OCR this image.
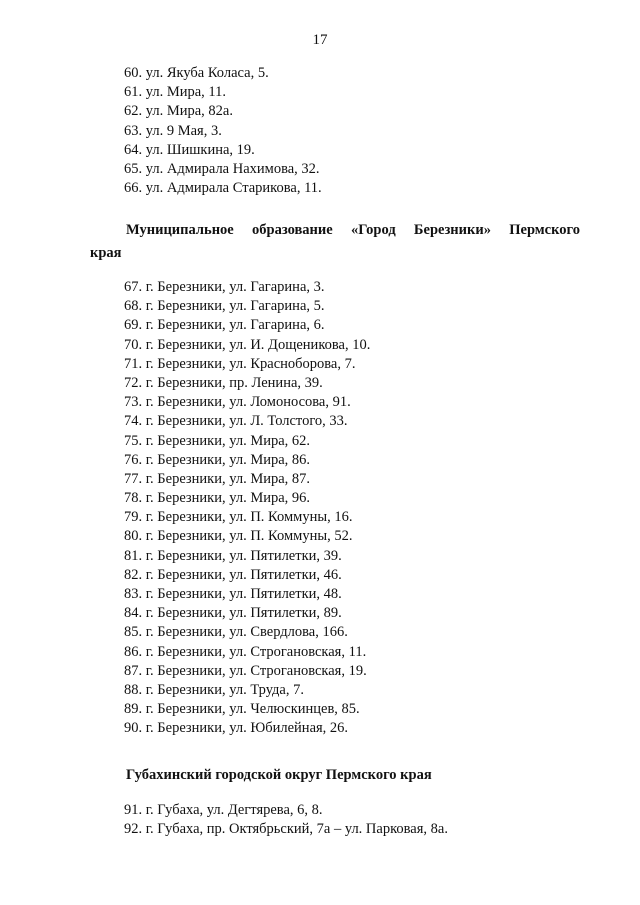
17
60. ул. Якуба Коласа, 5.
61. ул. Мира, 11.
62. ул. Мира, 82а.
63. ул. 9 Мая, 3.
64. ул. Шишкина, 19.
65. ул. Адмирала Нахимова, 32.
66. ул. Адмирала Старикова, 11.
Муниципальное образование «Город Березники» Пермского
края
67. г. Березники, ул. Гагарина, 3.
68. г. Березники, ул. Гагарина, 5.
69. г. Березники, ул. Гагарина, 6.
70. г. Березники, ул. И. Дощеникова, 10.
71. г. Березники, ул. Красноборова, 7.
72. г. Березники, пр. Ленина, 39.
73. г. Березники, ул. Ломоносова, 91.
74. г. Березники, ул. Л. Толстого, 33.
75. г. Березники, ул. Мира, 62.
76. г. Березники, ул. Мира, 86.
77. г. Березники, ул. Мира, 87.
78. г. Березники, ул. Мира, 96.
79. г. Березники, ул. П. Коммуны, 16.
80. г. Березники, ул. П. Коммуны, 52.
81. г. Березники, ул. Пятилетки, 39.
82. г. Березники, ул. Пятилетки, 46.
83. г. Березники, ул. Пятилетки, 48.
84. г. Березники, ул. Пятилетки, 89.
85. г. Березники, ул. Свердлова, 166.
86. г. Березники, ул. Строгановская, 11.
87. г. Березники, ул. Строгановская, 19.
88. г. Березники, ул. Труда, 7.
89. г. Березники, ул. Челюскинцев, 85.
90. г. Березники, ул. Юбилейная, 26.
Губахинский городской округ Пермского края
91. г. Губаха, ул. Дегтярева, 6, 8.
92. г. Губаха, пр. Октябрьский, 7а – ул. Парковая, 8а.
